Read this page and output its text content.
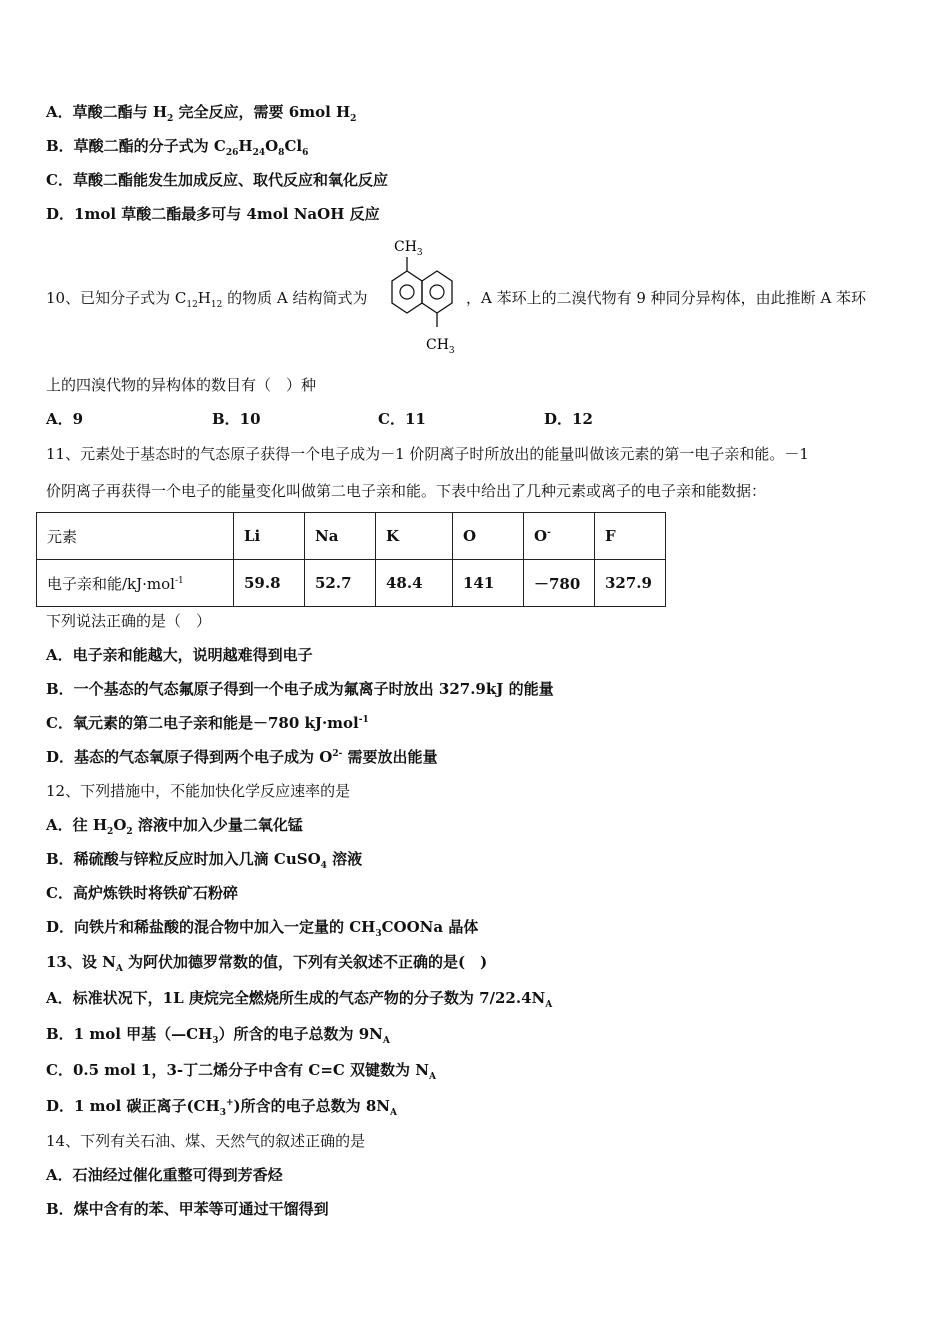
A．草酸二酯与 $H_2$ 完全反应，需要 6mol $H_2$
B．草酸二酯的分子式为 $C_{26}H_{24}O_8Cl_6$
C．草酸二酯能发生加成反应、取代反应和氧化反应
D．1mol 草酸二酯最多可与 4mol NaOH 反应
10、已知分子式为 $C_{12}H_{12}$ 的物质 A 结构简式为
$CH_3$
$CH_3$
，A 苯环上的二溴代物有 9 种同分异构体，由此推断 A 苯环
上的四溴代物的异构体的数目有（　）种
A．9	B．10	C．11	D．12
11、元素处于基态时的气态原子获得一个电子成为－1 价阴离子时所放出的能量叫做该元素的第一电子亲和能。－1
价阴离子再获得一个电子的能量变化叫做第二电子亲和能。下表中给出了几种元素或离子的电子亲和能数据：
元素	Li	Na	K	O	O-	F
电子亲和能/kJ·mol$^{-1}$	59.8	52.7	48.4	141	－780	327.9
下列说法正确的是（　）
A．电子亲和能越大，说明越难得到电子
B．一个基态的气态氟原子得到一个电子成为氟离子时放出 327.9kJ 的能量
C．氧元素的第二电子亲和能是－780 kJ·mol$^{-1}$
D．基态的气态氧原子得到两个电子成为 $O^{2-}$ 需要放出能量
12、下列措施中，不能加快化学反应速率的是
A．往 $H_2O_2$ 溶液中加入少量二氧化锰
B．稀硫酸与锌粒反应时加入几滴 CuSO$_4$ 溶液
C．高炉炼铁时将铁矿石粉碎
D．向铁片和稀盐酸的混合物中加入一定量的 $CH_3COONa$ 晶体
13、设 $N_A$ 为阿伏加德罗常数的值，下列有关叙述不正确的是(　)
A．标准状况下，1L 庚烷完全燃烧所生成的气态产物的分子数为 $7/22.4N_A$
B．1 mol 甲基$(—CH_3)$所含的电子总数为 $9N_A$
C．0.5 mol 1，3-丁二烯分子中含有 C=C 双键数为 $N_A$
D．1 mol 碳正离子$(CH_3^+)$所含的电子总数为 $8N_A$
14、下列有关石油、煤、天然气的叙述正确的是
A．石油经过催化重整可得到芳香烃
B．煤中含有的苯、甲苯等可通过干馏得到
